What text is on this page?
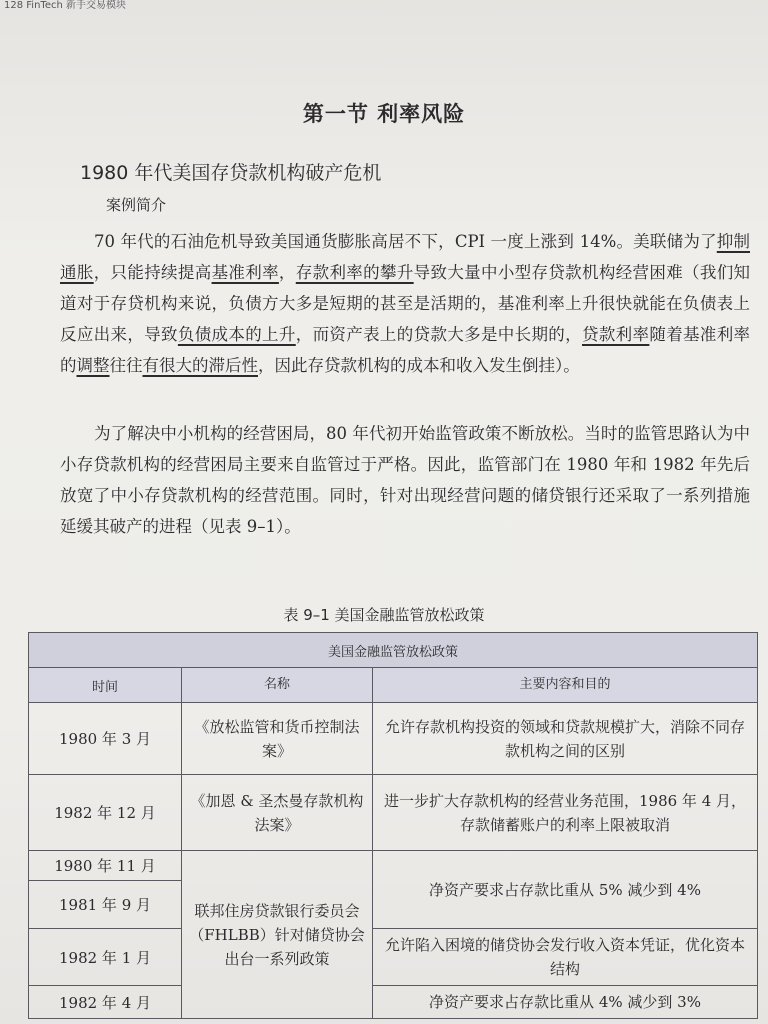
128 FinTech 新手交易模块
第一节 利率风险
1980 年代美国存贷款机构破产危机
案例简介
70 年代的石油危机导致美国通货膨胀高居不下，CPI 一度上涨到 14%。美联储为了抑制通胀，只能持续提高基准利率，存款利率的攀升导致大量中小型存贷款机构经营困难（我们知道对于存贷机构来说，负债方大多是短期的甚至是活期的，基准利率上升很快就能在负债表上反应出来，导致负债成本的上升，而资产表上的贷款大多是中长期的，贷款利率随着基准利率的调整往往有很大的滞后性，因此存贷款机构的成本和收入发生倒挂）。
为了解决中小机构的经营困局，80 年代初开始监管政策不断放松。当时的监管思路认为中小存贷款机构的经营困局主要来自监管过于严格。因此，监管部门在 1980 年和 1982 年先后放宽了中小存贷款机构的经营范围。同时，针对出现经营问题的储贷银行还采取了一系列措施延缓其破产的进程（见表 9–1）。
表 9–1 美国金融监管放松政策
美国金融监管放松政策		
时间	名称	主要内容和目的
1980 年 3 月	《放松监管和货币控制法案》	允许存款机构投资的领域和贷款规模扩大，消除不同存款机构之间的区别
1982 年 12 月	《加恩 & 圣杰曼存款机构法案》	进一步扩大存款机构的经营业务范围，1986 年 4 月，存款储蓄账户的利率上限被取消
1980 年 11 月	联邦住房贷款银行委员会（FHLBB）针对储贷协会出台一系列政策	净资产要求占存款比重从 5% 减少到 4%
1981 年 9 月		
1982 年 1 月		允许陷入困境的储贷协会发行收入资本凭证，优化资本结构
1982 年 4 月		净资产要求占存款比重从 4% 减少到 3%
